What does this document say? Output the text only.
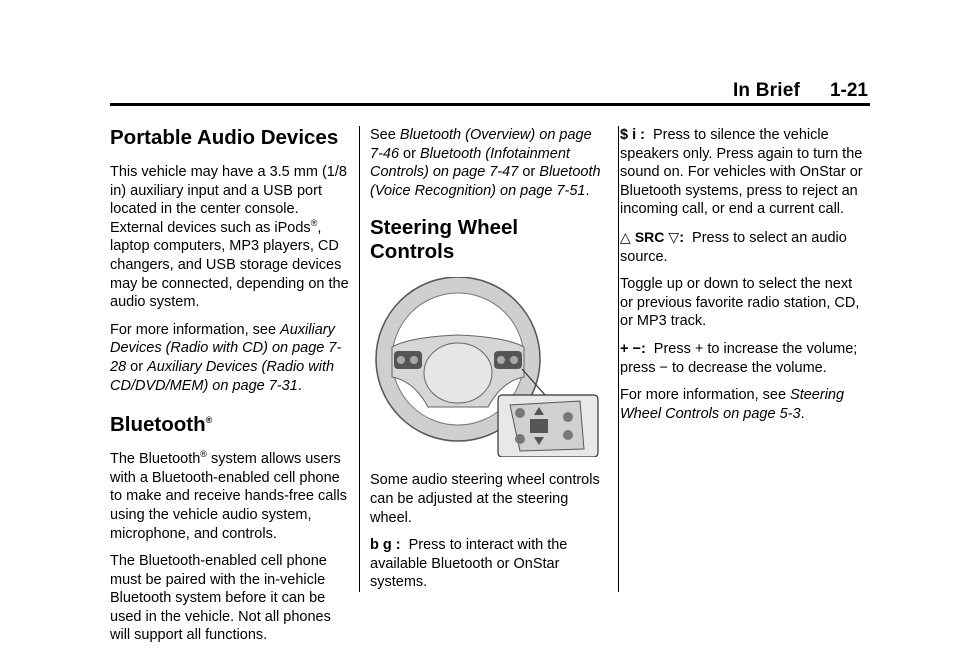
In Brief 1-21
Portable Audio Devices

This vehicle may have a 3.5 mm (1/8 in) auxiliary input and a USB port located in the center console. External devices such as iPods®, laptop computers, MP3 players, CD changers, and USB storage devices may be connected, depending on the audio system.

For more information, see Auxiliary Devices (Radio with CD) on page 7-28 or Auxiliary Devices (Radio with CD/DVD/MEM) on page 7-31.

Bluetooth®

The Bluetooth® system allows users with a Bluetooth-enabled cell phone to make and receive hands-free calls using the vehicle audio system, microphone, and controls.

The Bluetooth-enabled cell phone must be paired with the in-vehicle Bluetooth system before it can be used in the vehicle. Not all phones will support all functions.

See Bluetooth (Overview) on page 7-46 or Bluetooth (Infotainment Controls) on page 7-47 or Bluetooth (Voice Recognition) on page 7-51.

Steering Wheel Controls

Some audio steering wheel controls can be adjusted at the steering wheel.

b g : Press to interact with the available Bluetooth or OnStar systems.

$ i : Press to silence the vehicle speakers only. Press again to turn the sound on. For vehicles with OnStar or Bluetooth systems, press to reject an incoming call, or end a current call.

△ SRC ▽: Press to select an audio source.

Toggle up or down to select the next or previous favorite radio station, CD, or MP3 track.

+ −: Press + to increase the volume; press − to decrease the volume.

For more information, see Steering Wheel Controls on page 5-3.
